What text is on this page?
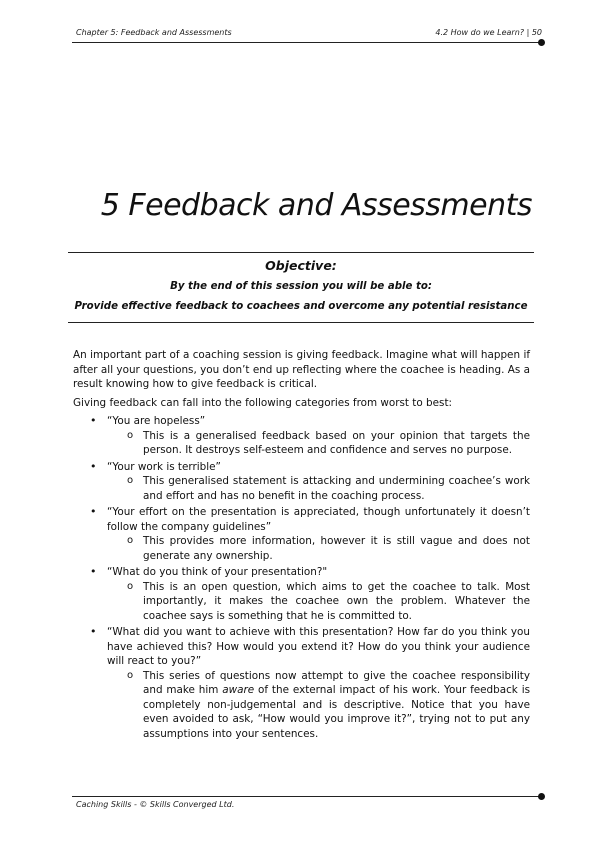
Chapter 5: Feedback and Assessments	4.2 How do we Learn? | 50
5 Feedback and Assessments
Objective:
By the end of this session you will be able to:
Provide effective feedback to coachees and overcome any potential resistance

An important part of a coaching session is giving feedback. Imagine what will happen if after all your questions, you don’t end up reflecting where the coachee is heading. As a result knowing how to give feedback is critical.

Giving feedback can fall into the following categories from worst to best:

• “You are hopeless”
o This is a generalised feedback based on your opinion that targets the person. It destroys self-esteem and confidence and serves no purpose.
• “Your work is terrible”
o This generalised statement is attacking and undermining coachee’s work and effort and has no benefit in the coaching process.
• “Your effort on the presentation is appreciated, though unfortunately it doesn’t follow the company guidelines”
o This provides more information, however it is still vague and does not generate any ownership.
• “What do you think of your presentation?"
o This is an open question, which aims to get the coachee to talk. Most importantly, it makes the coachee own the problem. Whatever the coachee says is something that he is committed to.
• “What did you want to achieve with this presentation? How far do you think you have achieved this? How would you extend it? How do you think your audience will react to you?”
o This series of questions now attempt to give the coachee responsibility and make him aware of the external impact of his work. Your feedback is completely non-judgemental and is descriptive. Notice that you have even avoided to ask, “How would you improve it?”, trying not to put any assumptions into your sentences.
Caching Skills - © Skills Converged Ltd.
